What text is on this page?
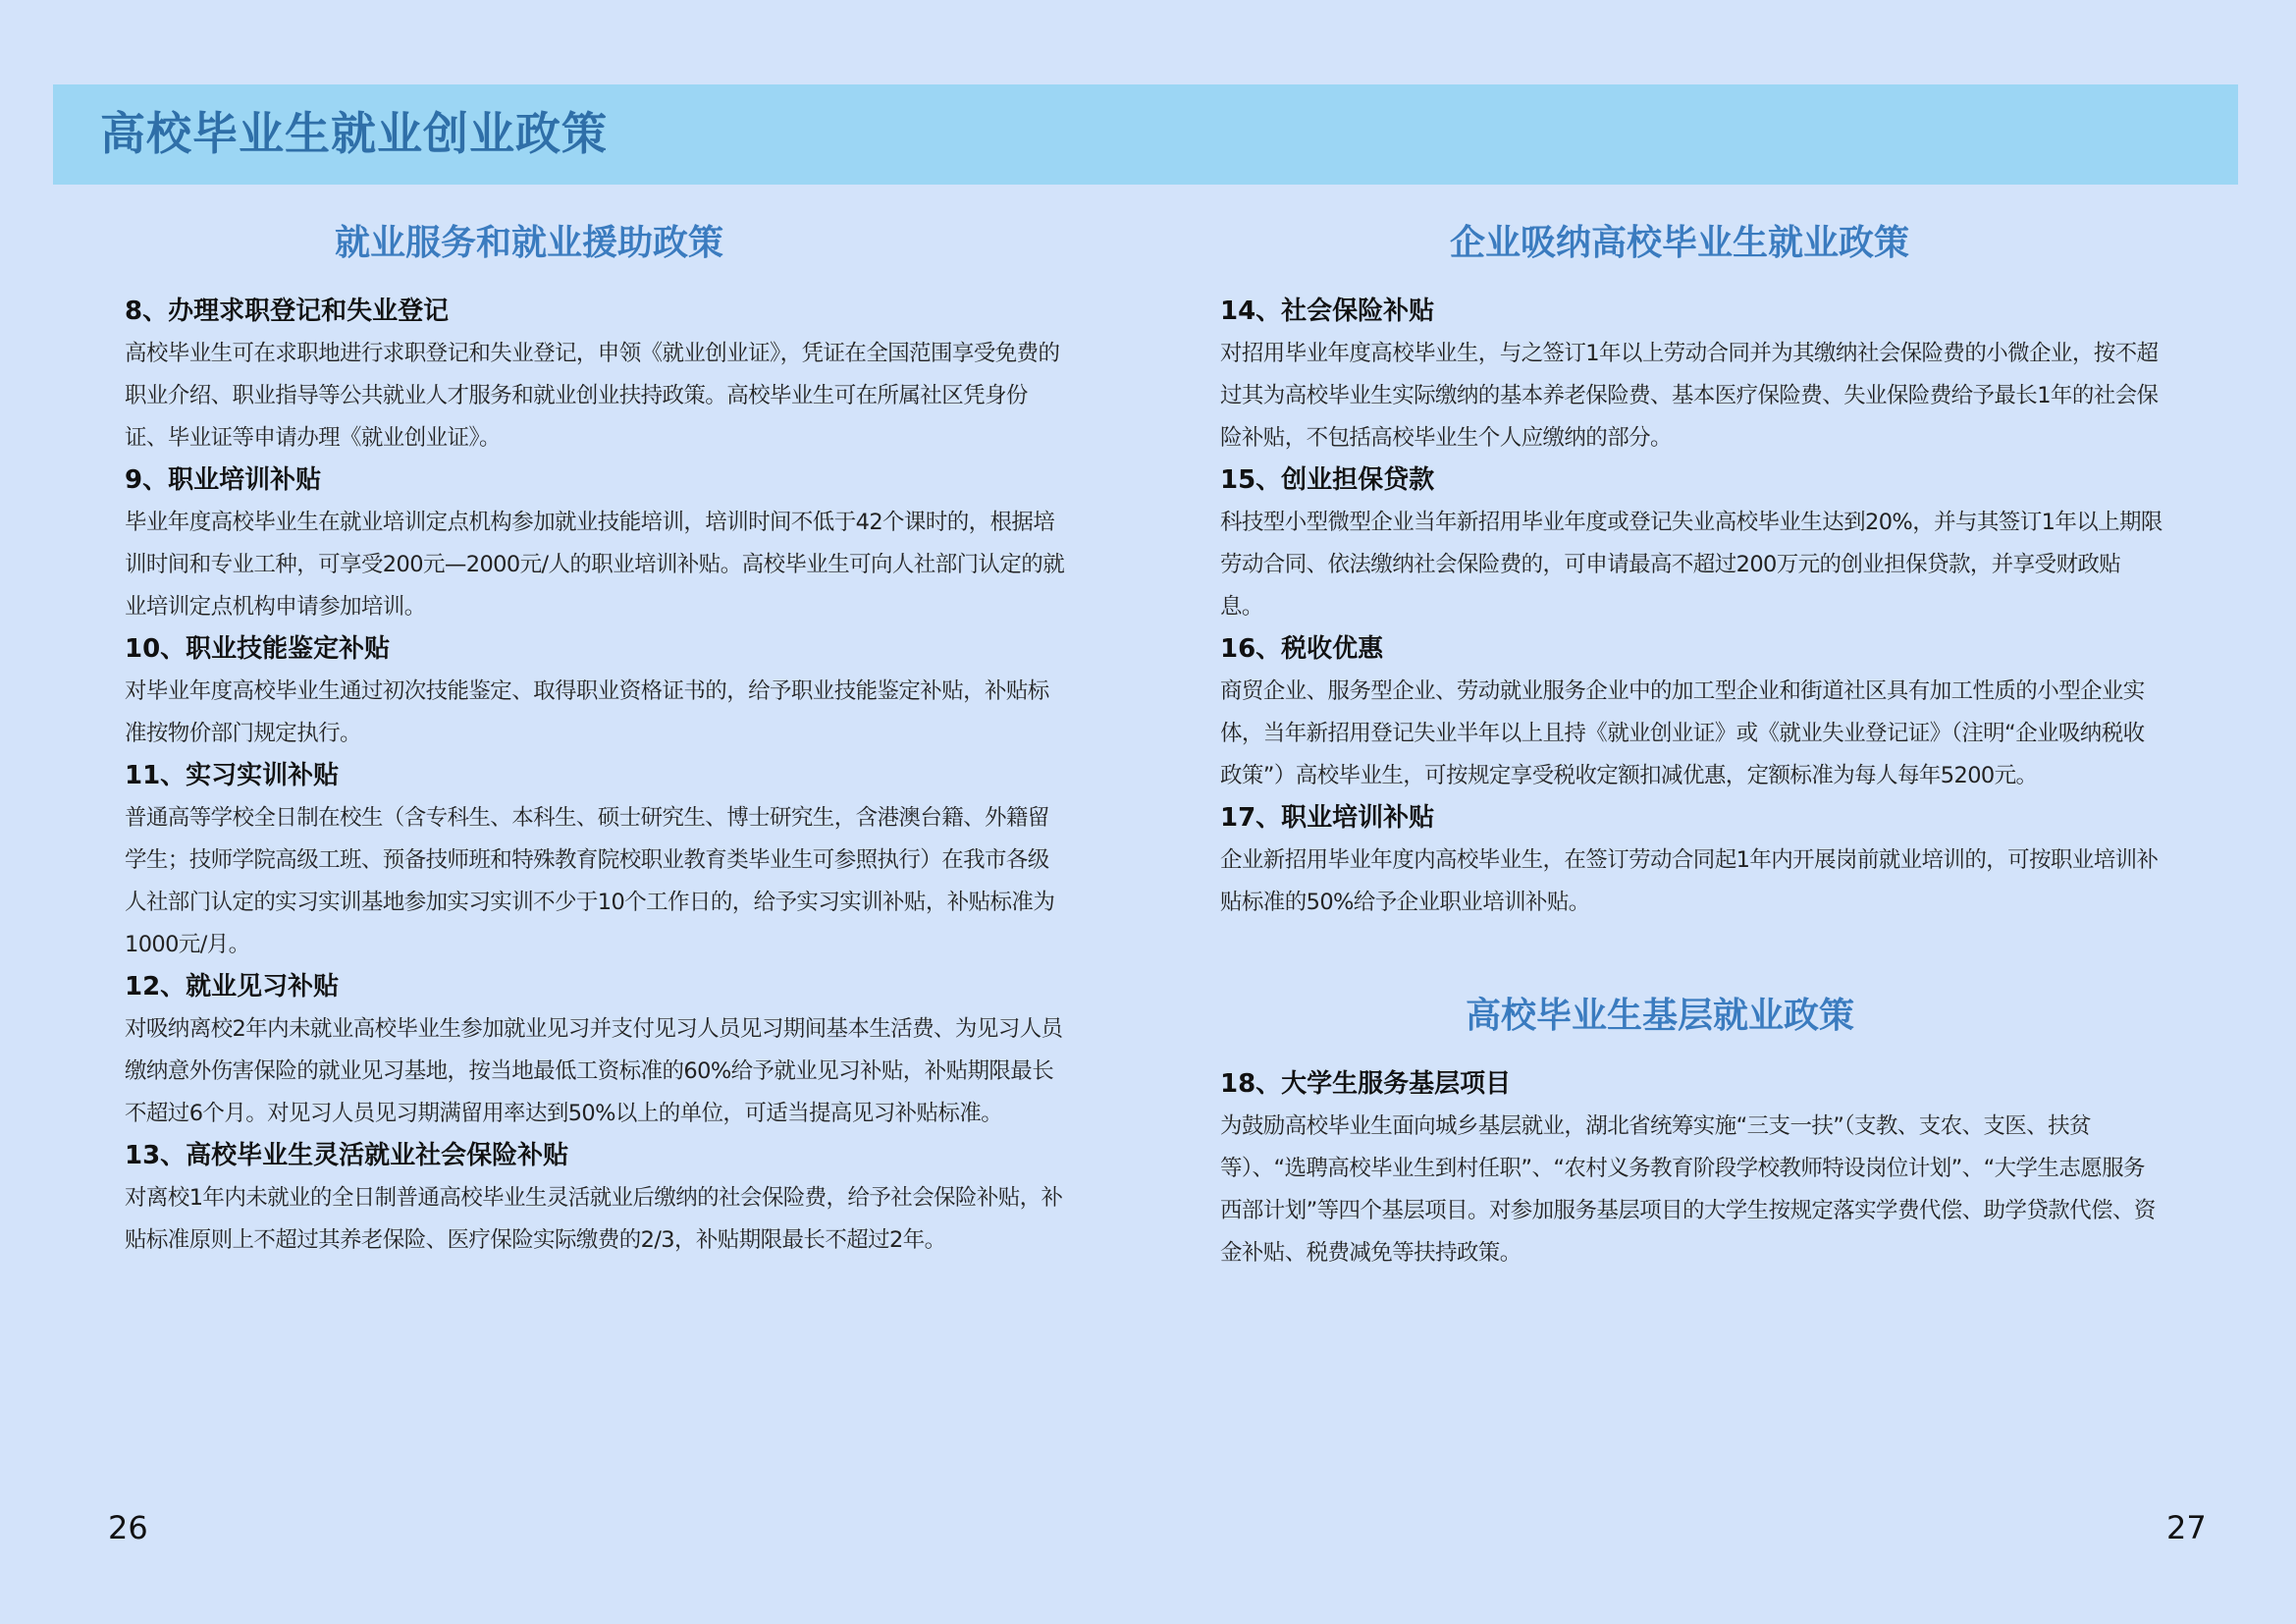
高校毕业生就业创业政策
就业服务和就业援助政策
8、办理求职登记和失业登记

高校毕业生可在求职地进行求职登记和失业登记，申领《就业创业证》，凭证在全国范围享受免费的职业介绍、职业指导等公共就业人才服务和就业创业扶持政策。高校毕业生可在所属社区凭身份证、毕业证等申请办理《就业创业证》。

9、职业培训补贴

毕业年度高校毕业生在就业培训定点机构参加就业技能培训，培训时间不低于42个课时的，根据培训时间和专业工种，可享受200元—2000元/人的职业培训补贴。高校毕业生可向人社部门认定的就业培训定点机构申请参加培训。

10、职业技能鉴定补贴

对毕业年度高校毕业生通过初次技能鉴定、取得职业资格证书的，给予职业技能鉴定补贴，补贴标准按物价部门规定执行。

11、实习实训补贴

普通高等学校全日制在校生（含专科生、本科生、硕士研究生、博士研究生，含港澳台籍、外籍留学生；技师学院高级工班、预备技师班和特殊教育院校职业教育类毕业生可参照执行）在我市各级人社部门认定的实习实训基地参加实习实训不少于10个工作日的，给予实习实训补贴，补贴标准为1000元/月。

12、就业见习补贴

对吸纳离校2年内未就业高校毕业生参加就业见习并支付见习人员见习期间基本生活费、为见习人员缴纳意外伤害保险的就业见习基地，按当地最低工资标准的60%给予就业见习补贴，补贴期限最长不超过6个月。对见习人员见习期满留用率达到50%以上的单位，可适当提高见习补贴标准。

13、高校毕业生灵活就业社会保险补贴

对离校1年内未就业的全日制普通高校毕业生灵活就业后缴纳的社会保险费，给予社会保险补贴，补贴标准原则上不超过其养老保险、医疗保险实际缴费的2/3，补贴期限最长不超过2年。

企业吸纳高校毕业生就业政策
14、社会保险补贴

对招用毕业年度高校毕业生，与之签订1年以上劳动合同并为其缴纳社会保险费的小微企业，按不超过其为高校毕业生实际缴纳的基本养老保险费、基本医疗保险费、失业保险费给予最长1年的社会保险补贴，不包括高校毕业生个人应缴纳的部分。

15、创业担保贷款

科技型小型微型企业当年新招用毕业年度或登记失业高校毕业生达到20%，并与其签订1年以上期限劳动合同、依法缴纳社会保险费的，可申请最高不超过200万元的创业担保贷款，并享受财政贴息。

16、税收优惠

商贸企业、服务型企业、劳动就业服务企业中的加工型企业和街道社区具有加工性质的小型企业实体，当年新招用登记失业半年以上且持《就业创业证》或《就业失业登记证》（注明“企业吸纳税收政策”）高校毕业生，可按规定享受税收定额扣减优惠，定额标准为每人每年5200元。

17、职业培训补贴

企业新招用毕业年度内高校毕业生，在签订劳动合同起1年内开展岗前就业培训的，可按职业培训补贴标准的50%给予企业职业培训补贴。

高校毕业生基层就业政策
18、大学生服务基层项目

为鼓励高校毕业生面向城乡基层就业，湖北省统筹实施“三支一扶”（支教、支农、支医、扶贫等）、“选聘高校毕业生到村任职”、“农村义务教育阶段学校教师特设岗位计划”、“大学生志愿服务西部计划”等四个基层项目。对参加服务基层项目的大学生按规定落实学费代偿、助学贷款代偿、资金补贴、税费减免等扶持政策。

26	27
